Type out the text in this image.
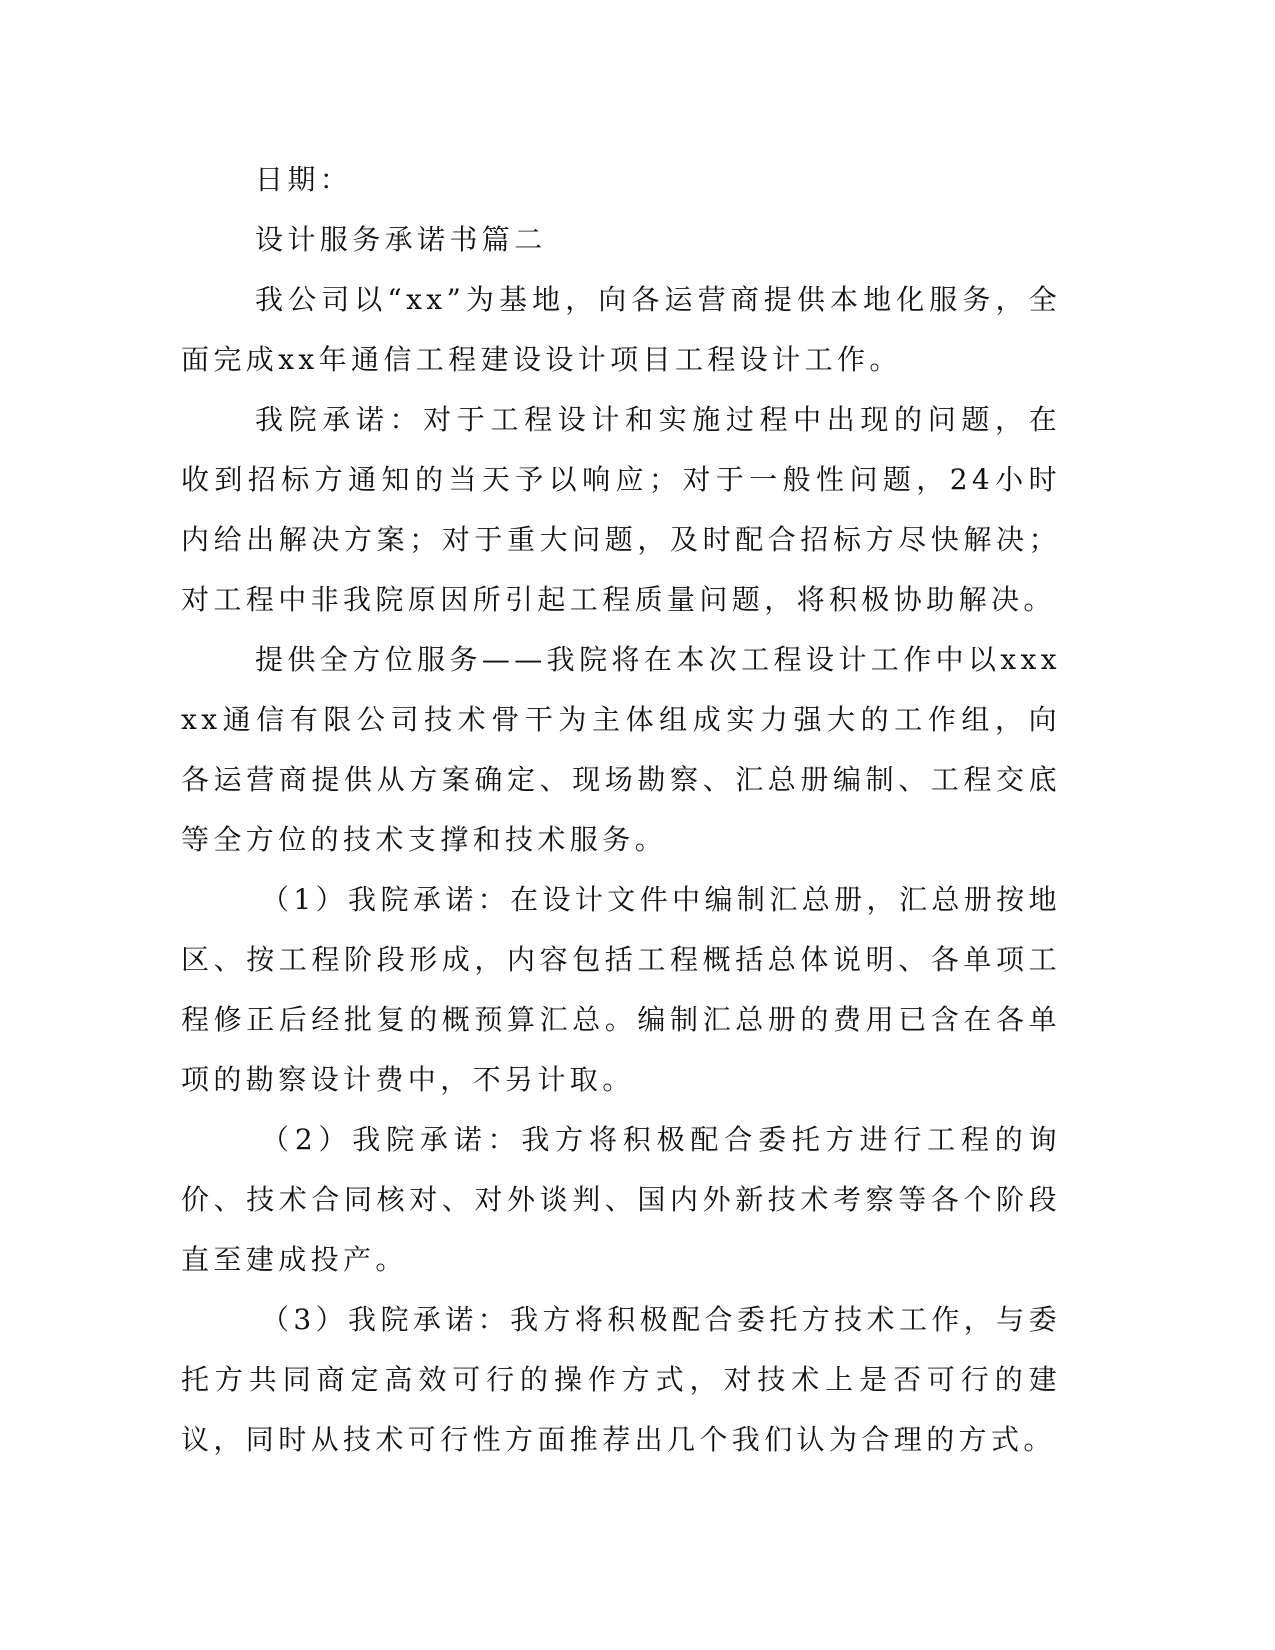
日期：

设计服务承诺书篇二

我公司以“xx”为基地，向各运营商提供本地化服务，全面完成xx年通信工程建设设计项目工程设计工作。

我院承诺：对于工程设计和实施过程中出现的问题，在收到招标方通知的当天予以响应；对于一般性问题，24小时内给出解决方案；对于重大问题，及时配合招标方尽快解决；对工程中非我院原因所引起工程质量问题，将积极协助解决。

提供全方位服务——我院将在本次工程设计工作中以xxxxx通信有限公司技术骨干为主体组成实力强大的工作组，向各运营商提供从方案确定、现场勘察、汇总册编制、工程交底等全方位的技术支撑和技术服务。

（1）我院承诺：在设计文件中编制汇总册，汇总册按地区、按工程阶段形成，内容包括工程概括总体说明、各单项工程修正后经批复的概预算汇总。编制汇总册的费用已含在各单项的勘察设计费中，不另计取。

（2）我院承诺：我方将积极配合委托方进行工程的询价、技术合同核对、对外谈判、国内外新技术考察等各个阶段直至建成投产。

（3）我院承诺：我方将积极配合委托方技术工作，与委托方共同商定高效可行的操作方式，对技术上是否可行的建议，同时从技术可行性方面推荐出几个我们认为合理的方式。
